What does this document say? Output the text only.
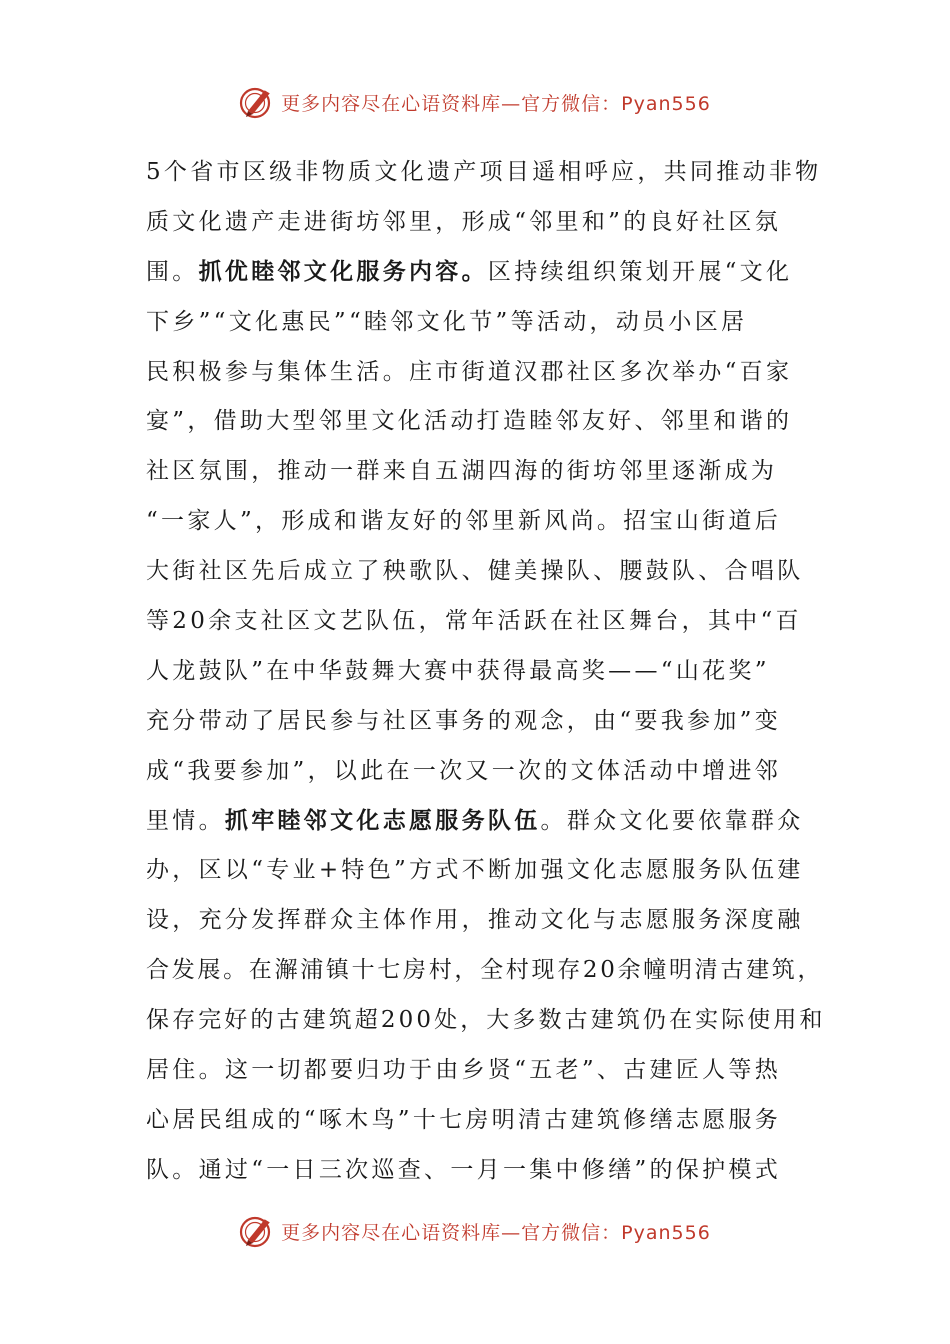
更多内容尽在心语资料库—官方微信：Pyan556
5个省市区级非物质文化遗产项目遥相呼应，共同推动非物
质文化遗产走进街坊邻里，形成“邻里和”的良好社区氛
围。抓优睦邻文化服务内容。区持续组织策划开展“文化
下乡”“文化惠民”“睦邻文化节”等活动，动员小区居
民积极参与集体生活。庄市街道汉郡社区多次举办“百家
宴”，借助大型邻里文化活动打造睦邻友好、邻里和谐的
社区氛围，推动一群来自五湖四海的街坊邻里逐渐成为
“一家人”，形成和谐友好的邻里新风尚。招宝山街道后
大街社区先后成立了秧歌队、健美操队、腰鼓队、合唱队
等20余支社区文艺队伍，常年活跃在社区舞台，其中“百
人龙鼓队”在中华鼓舞大赛中获得最高奖——“山花奖”
充分带动了居民参与社区事务的观念，由“要我参加”变
成“我要参加”，以此在一次又一次的文体活动中增进邻
里情。抓牢睦邻文化志愿服务队伍。群众文化要依靠群众
办，区以“专业+特色”方式不断加强文化志愿服务队伍建
设，充分发挥群众主体作用，推动文化与志愿服务深度融
合发展。在澥浦镇十七房村，全村现存20余幢明清古建筑，
保存完好的古建筑超200处，大多数古建筑仍在实际使用和
居住。这一切都要归功于由乡贤“五老”、古建匠人等热
心居民组成的“啄木鸟”十七房明清古建筑修缮志愿服务
队。通过“一日三次巡查、一月一集中修缮”的保护模式
更多内容尽在心语资料库—官方微信：Pyan556
